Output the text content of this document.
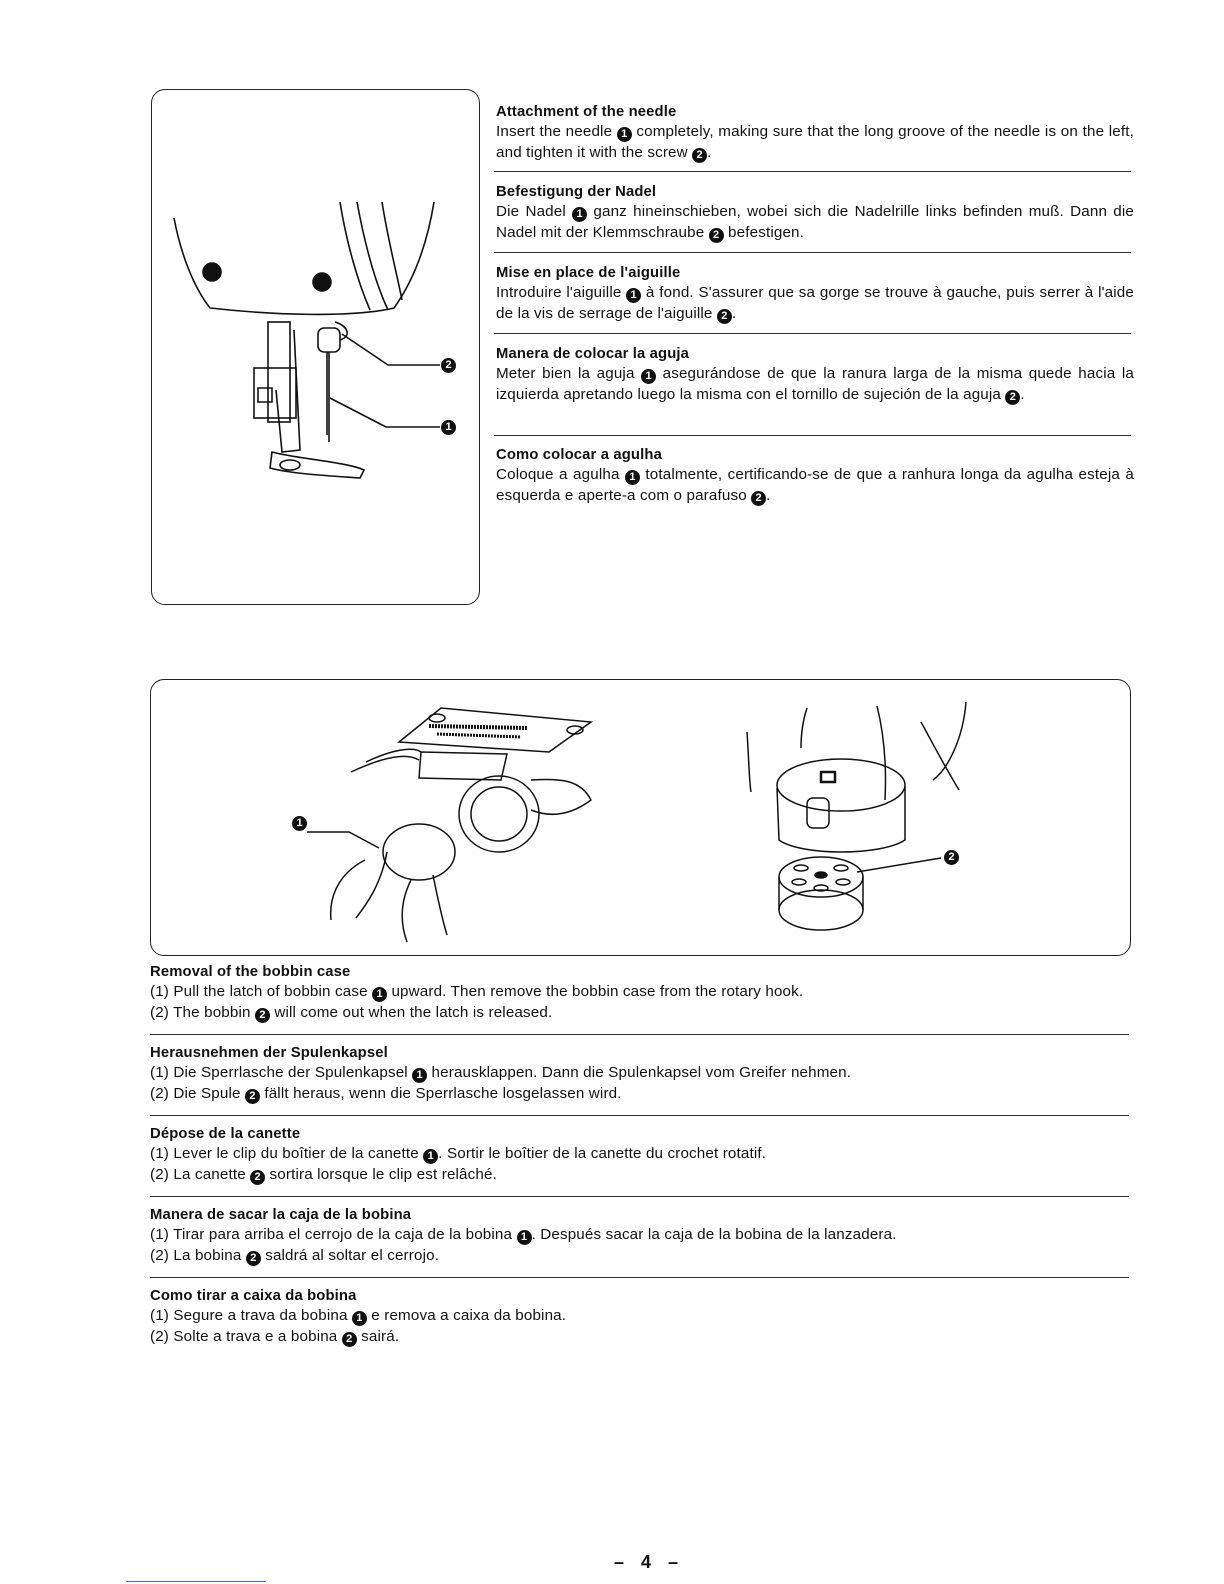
2
1
Attachment of the needle

Insert the needle 1 completely, making sure that the long groove of the needle is on the left, and tighten it with the screw 2 .

Befestigung der Nadel

Die Nadel 1 ganz hineinschieben, wobei sich die Nadelrille links befinden muß. Dann die Nadel mit der Klemmschraube 2 befestigen.

Mise en place de l'aiguille

Introduire l'aiguille 1 à fond. S'assurer que sa gorge se trouve à gauche, puis serrer à l'aide de la vis de serrage de l'aiguille 2 .

Manera de colocar la aguja

Meter bien la aguja 1 asegurándose de que la ranura larga de la misma quede hacia la izquierda apretando luego la misma con el tornillo de sujeción de la aguja 2 .

Como colocar a agulha

Coloque a agulha 1 totalmente, certificando-se de que a ranhura longa da agulha esteja à esquerda e aperte-a com o parafuso 2 .

1
2
Removal of the bobbin case

(1) Pull the latch of bobbin case 1 upward. Then remove the bobbin case from the rotary hook.

(2) The bobbin 2 will come out when the latch is released.

Herausnehmen der Spulenkapsel

(1) Die Sperrlasche der Spulenkapsel 1 herausklappen. Dann die Spulenkapsel vom Greifer nehmen.

(2) Die Spule 2 fällt heraus, wenn die Sperrlasche losgelassen wird.

Dépose de la canette

(1) Lever le clip du boîtier de la canette 1 . Sortir le boîtier de la canette du crochet rotatif.

(2) La canette 2 sortira lorsque le clip est relâché.

Manera de sacar la caja de la bobina

(1) Tirar para arriba el cerrojo de la caja de la bobina 1 . Después sacar la caja de la bobina de la lanzadera.

(2) La bobina 2 saldrá al soltar el cerrojo.

Como tirar a caixa da bobina

(1) Segure a trava da bobina 1 e remova a caixa da bobina.

(2) Solte a trava e a bobina 2 sairá.

– 4 –
